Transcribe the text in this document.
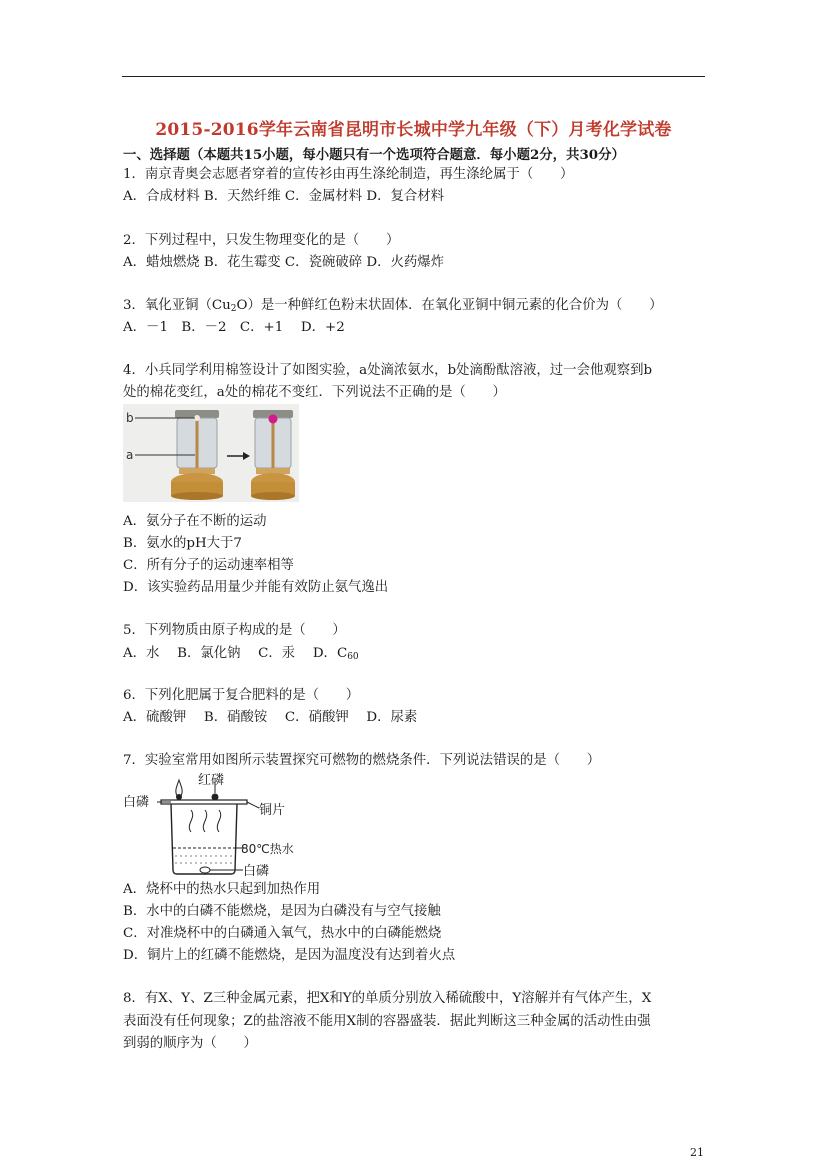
2015-2016学年云南省昆明市长城中学九年级（下）月考化学试卷
一、选择题（本题共15小题，每小题只有一个选项符合题意．每小题2分，共30分）
1．南京青奥会志愿者穿着的宣传衫由再生涤纶制造，再生涤纶属于（　　）
A．合成材料 B．天然纤维 C．金属材料 D．复合材料
2．下列过程中，只发生物理变化的是（　　）
A．蜡烛燃烧 B．花生霉变 C．瓷碗破碎 D．火药爆炸
3．氧化亚铜$(Cu_2O)$是一种鲜红色粉末状固体．在氧化亚铜中铜元素的化合价为（　　）
A．－1　B．－2　C．+1　 D．+2
4．小兵同学利用棉签设计了如图实验，a处滴浓氨水，b处滴酚酞溶液，过一会他观察到b
处的棉花变红，a处的棉花不变红．下列说法不正确的是（　　）
b
a
A．氨分子在不断的运动
B．氨水的pH大于7
C．所有分子的运动速率相等
D．该实验药品用量少并能有效防止氨气逸出
5．下列物质由原子构成的是（　　）
A．水　 B．氯化钠　 C．汞　 D．$C_{60}$
6．下列化肥属于复合肥料的是（　　）
A．硫酸钾　 B．硝酸铵　 C．硝酸钾　 D．尿素
7．实验室常用如图所示装置探究可燃物的燃烧条件．下列说法错误的是（　　）
红磷
白磷
铜片
80℃热水
白磷
A．烧杯中的热水只起到加热作用
B．水中的白磷不能燃烧，是因为白磷没有与空气接触
C．对准烧杯中的白磷通入氧气，热水中的白磷能燃烧
D．铜片上的红磷不能燃烧，是因为温度没有达到着火点
8．有X、Y、Z三种金属元素，把X和Y的单质分别放入稀硫酸中，Y溶解并有气体产生，X
表面没有任何现象；Z的盐溶液不能用X制的容器盛装．据此判断这三种金属的活动性由强
到弱的顺序为（　　）
21
